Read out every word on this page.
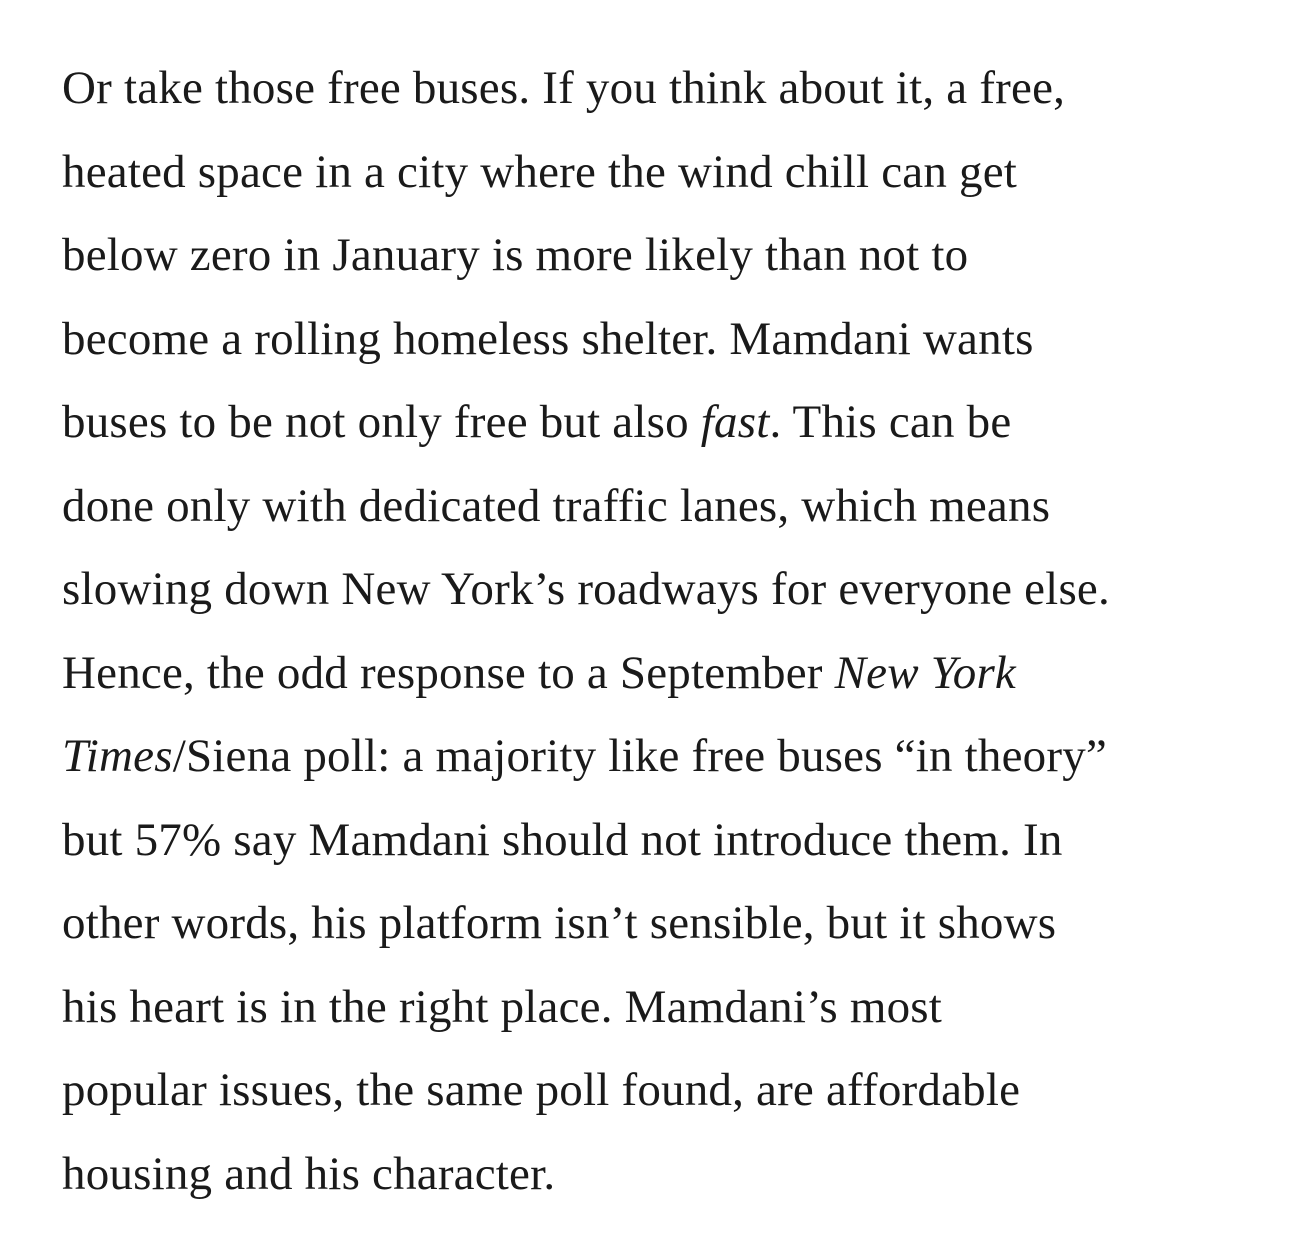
Or take those free buses. If you think about it, a free,
heated space in a city where the wind chill can get
below zero in January is more likely than not to
become a rolling homeless shelter. Mamdani wants
buses to be not only free but also fast. This can be
done only with dedicated traffic lanes, which means
slowing down New York’s roadways for everyone else.
Hence, the odd response to a September New York
Times/Siena poll: a majority like free buses “in theory”
but 57% say Mamdani should not introduce them. In
other words, his platform isn’t sensible, but it shows
his heart is in the right place. Mamdani’s most
popular issues, the same poll found, are affordable
housing and his character.
